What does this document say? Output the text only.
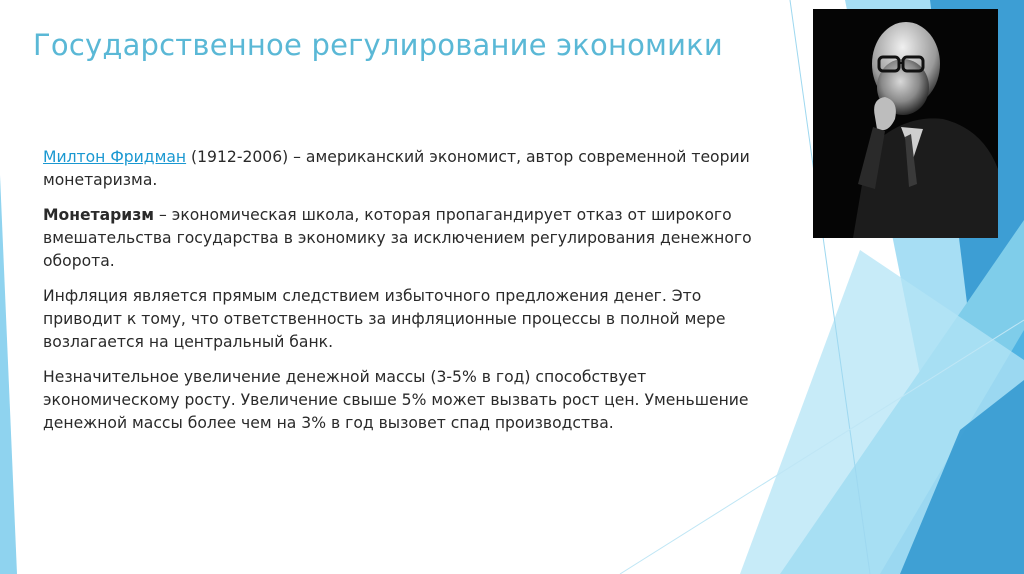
Государственное регулирование экономики

Милтон Фридман (1912-2006) – американский экономист, автор современной теории монетаризма.

Монетаризм – экономическая школа, которая пропагандирует отказ от широкого вмешательства государства в экономику за исключением регулирования денежного оборота.

Инфляция является прямым следствием избыточного предложения денег. Это приводит к тому, что ответственность за инфляционные процессы в полной мере возлагается на центральный банк.

Незначительное увеличение денежной массы (3-5% в год) способствует экономическому росту. Увеличение свыше 5% может вызвать рост цен. Уменьшение денежной массы более чем на 3% в год вызовет спад производства.
